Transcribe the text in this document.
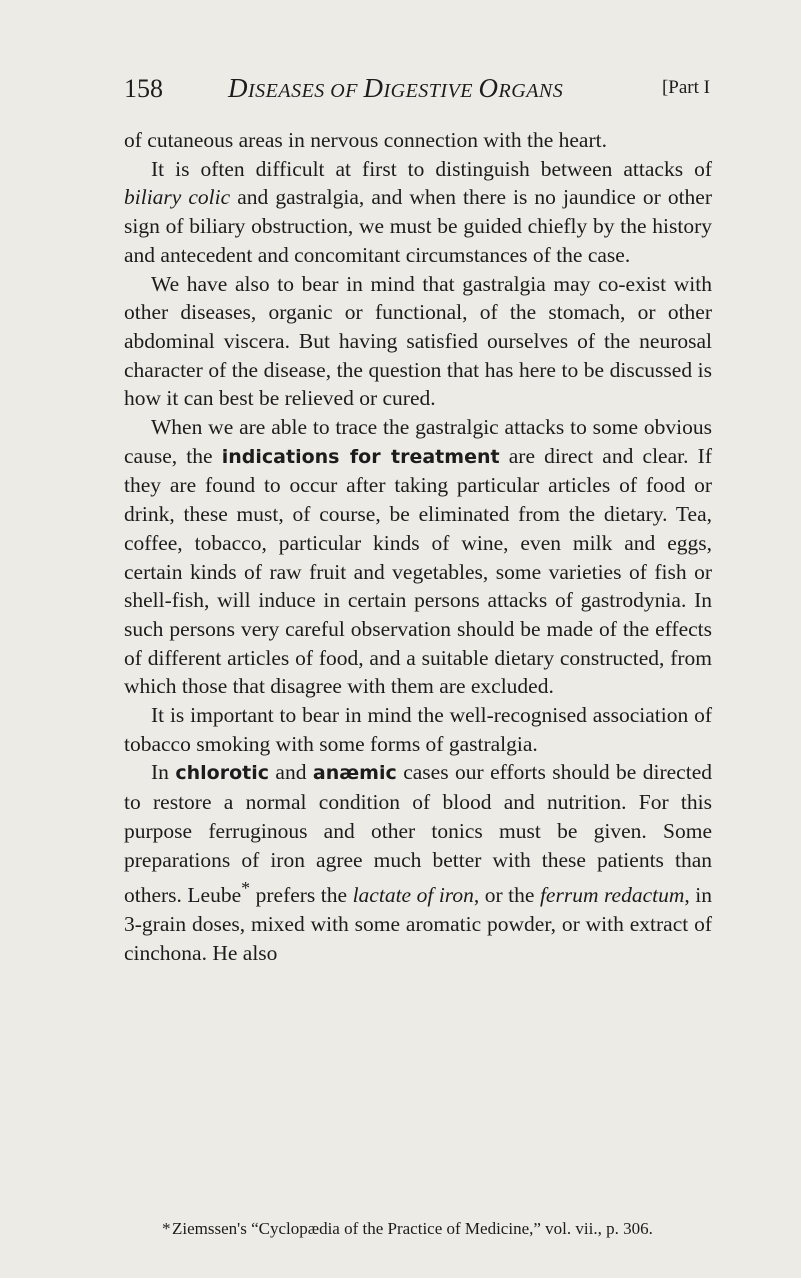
158 DISEASES OF DIGESTIVE ORGANS	[Part I

of cutaneous areas in nervous connection with the heart.

It is often difficult at first to distinguish between attacks of biliary colic and gastralgia, and when there is no jaundice or other sign of biliary obstruction, we must be guided chiefly by the history and antecedent and concomitant circumstances of the case.

We have also to bear in mind that gastralgia may co-exist with other diseases, organic or functional, of the stomach, or other abdominal viscera. But having satisfied ourselves of the neurosal character of the disease, the question that has here to be discussed is how it can best be relieved or cured.

When we are able to trace the gastralgic attacks to some obvious cause, the indications for treatment are direct and clear. If they are found to occur after taking particular articles of food or drink, these must, of course, be eliminated from the dietary. Tea, coffee, tobacco, particular kinds of wine, even milk and eggs, certain kinds of raw fruit and vegetables, some varieties of fish or shell-fish, will induce in certain persons attacks of gastrodynia. In such persons very careful observation should be made of the effects of different articles of food, and a suitable dietary constructed, from which those that disagree with them are excluded.

It is important to bear in mind the well-recognised association of tobacco smoking with some forms of gastralgia.

In chlorotic and anæmic cases our efforts should be directed to restore a normal condition of blood and nutrition. For this purpose ferruginous and other tonics must be given. Some preparations of iron agree much better with these patients than others. Leube* prefers the lactate of iron, or the ferrum redactum, in 3-grain doses, mixed with some aromatic powder, or with extract of cinchona. He also

*Ziemssen's “Cyclopædia of the Practice of Medicine,” vol. vii., p. 306.
